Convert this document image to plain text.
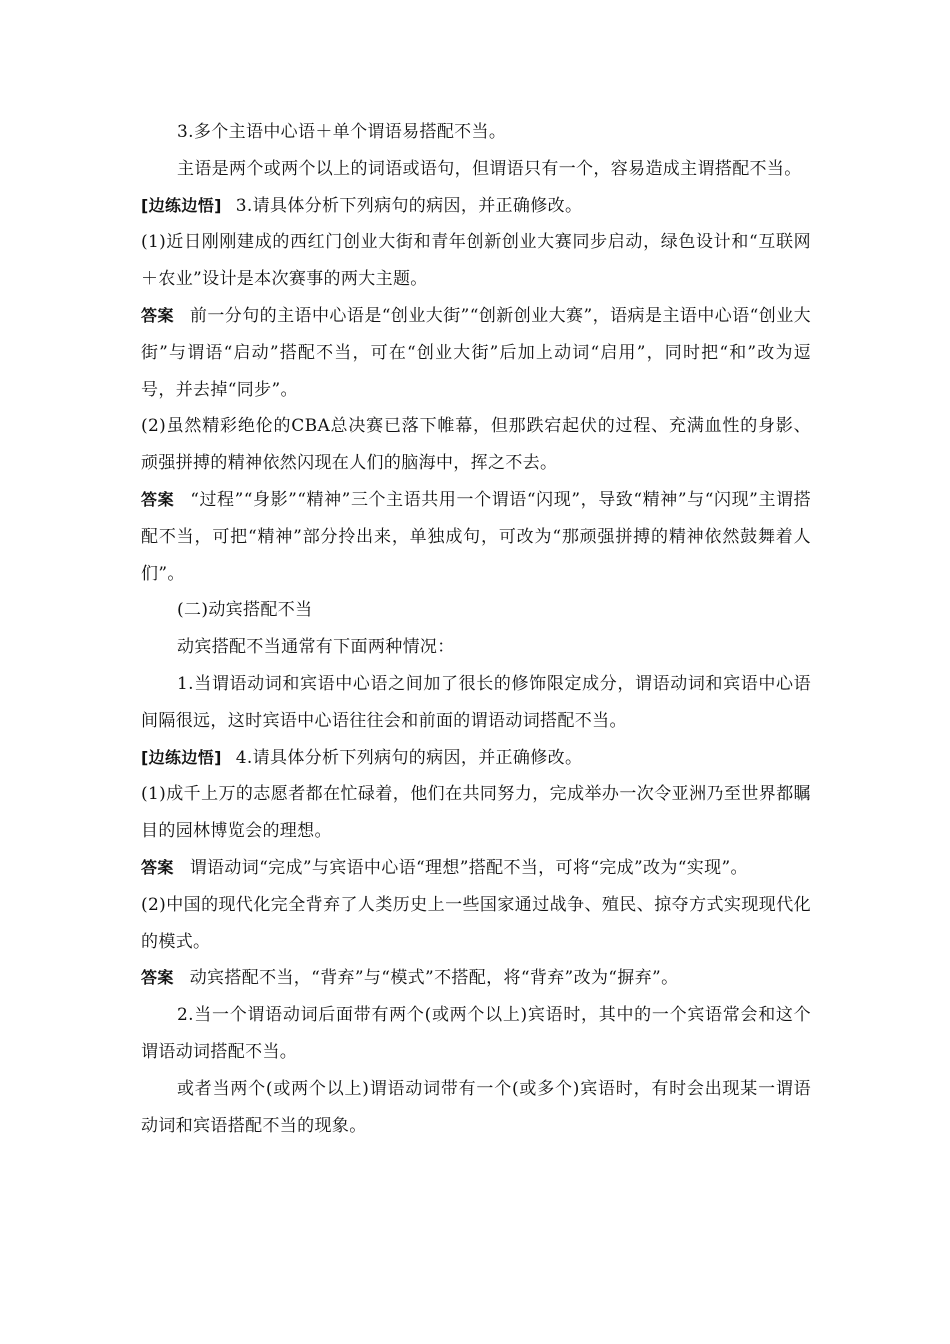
3.多个主语中心语＋单个谓语易搭配不当。

主语是两个或两个以上的词语或语句，但谓语只有一个，容易造成主谓搭配不当。

[边练边悟] 3.请具体分析下列病句的病因，并正确修改。

(1)近日刚刚建成的西红门创业大街和青年创新创业大赛同步启动，绿色设计和“互联网＋农业”设计是本次赛事的两大主题。

答案 前一分句的主语中心语是“创业大街”“创新创业大赛”，语病是主语中心语“创业大街”与谓语“启动”搭配不当，可在“创业大街”后加上动词“启用”，同时把“和”改为逗号，并去掉“同步”。

(2)虽然精彩绝伦的CBA总决赛已落下帷幕，但那跌宕起伏的过程、充满血性的身影、顽强拼搏的精神依然闪现在人们的脑海中，挥之不去。

答案 “过程”“身影”“精神”三个主语共用一个谓语“闪现”，导致“精神”与“闪现”主谓搭配不当，可把“精神”部分拎出来，单独成句，可改为“那顽强拼搏的精神依然鼓舞着人们”。

(二)动宾搭配不当

动宾搭配不当通常有下面两种情况：

1.当谓语动词和宾语中心语之间加了很长的修饰限定成分，谓语动词和宾语中心语间隔很远，这时宾语中心语往往会和前面的谓语动词搭配不当。

[边练边悟] 4.请具体分析下列病句的病因，并正确修改。

(1)成千上万的志愿者都在忙碌着，他们在共同努力，完成举办一次令亚洲乃至世界都瞩目的园林博览会的理想。

答案 谓语动词“完成”与宾语中心语“理想”搭配不当，可将“完成”改为“实现”。

(2)中国的现代化完全背弃了人类历史上一些国家通过战争、殖民、掠夺方式实现现代化的模式。

答案 动宾搭配不当，“背弃”与“模式”不搭配，将“背弃”改为“摒弃”。

2.当一个谓语动词后面带有两个(或两个以上)宾语时，其中的一个宾语常会和这个谓语动词搭配不当。

或者当两个(或两个以上)谓语动词带有一个(或多个)宾语时，有时会出现某一谓语动词和宾语搭配不当的现象。
